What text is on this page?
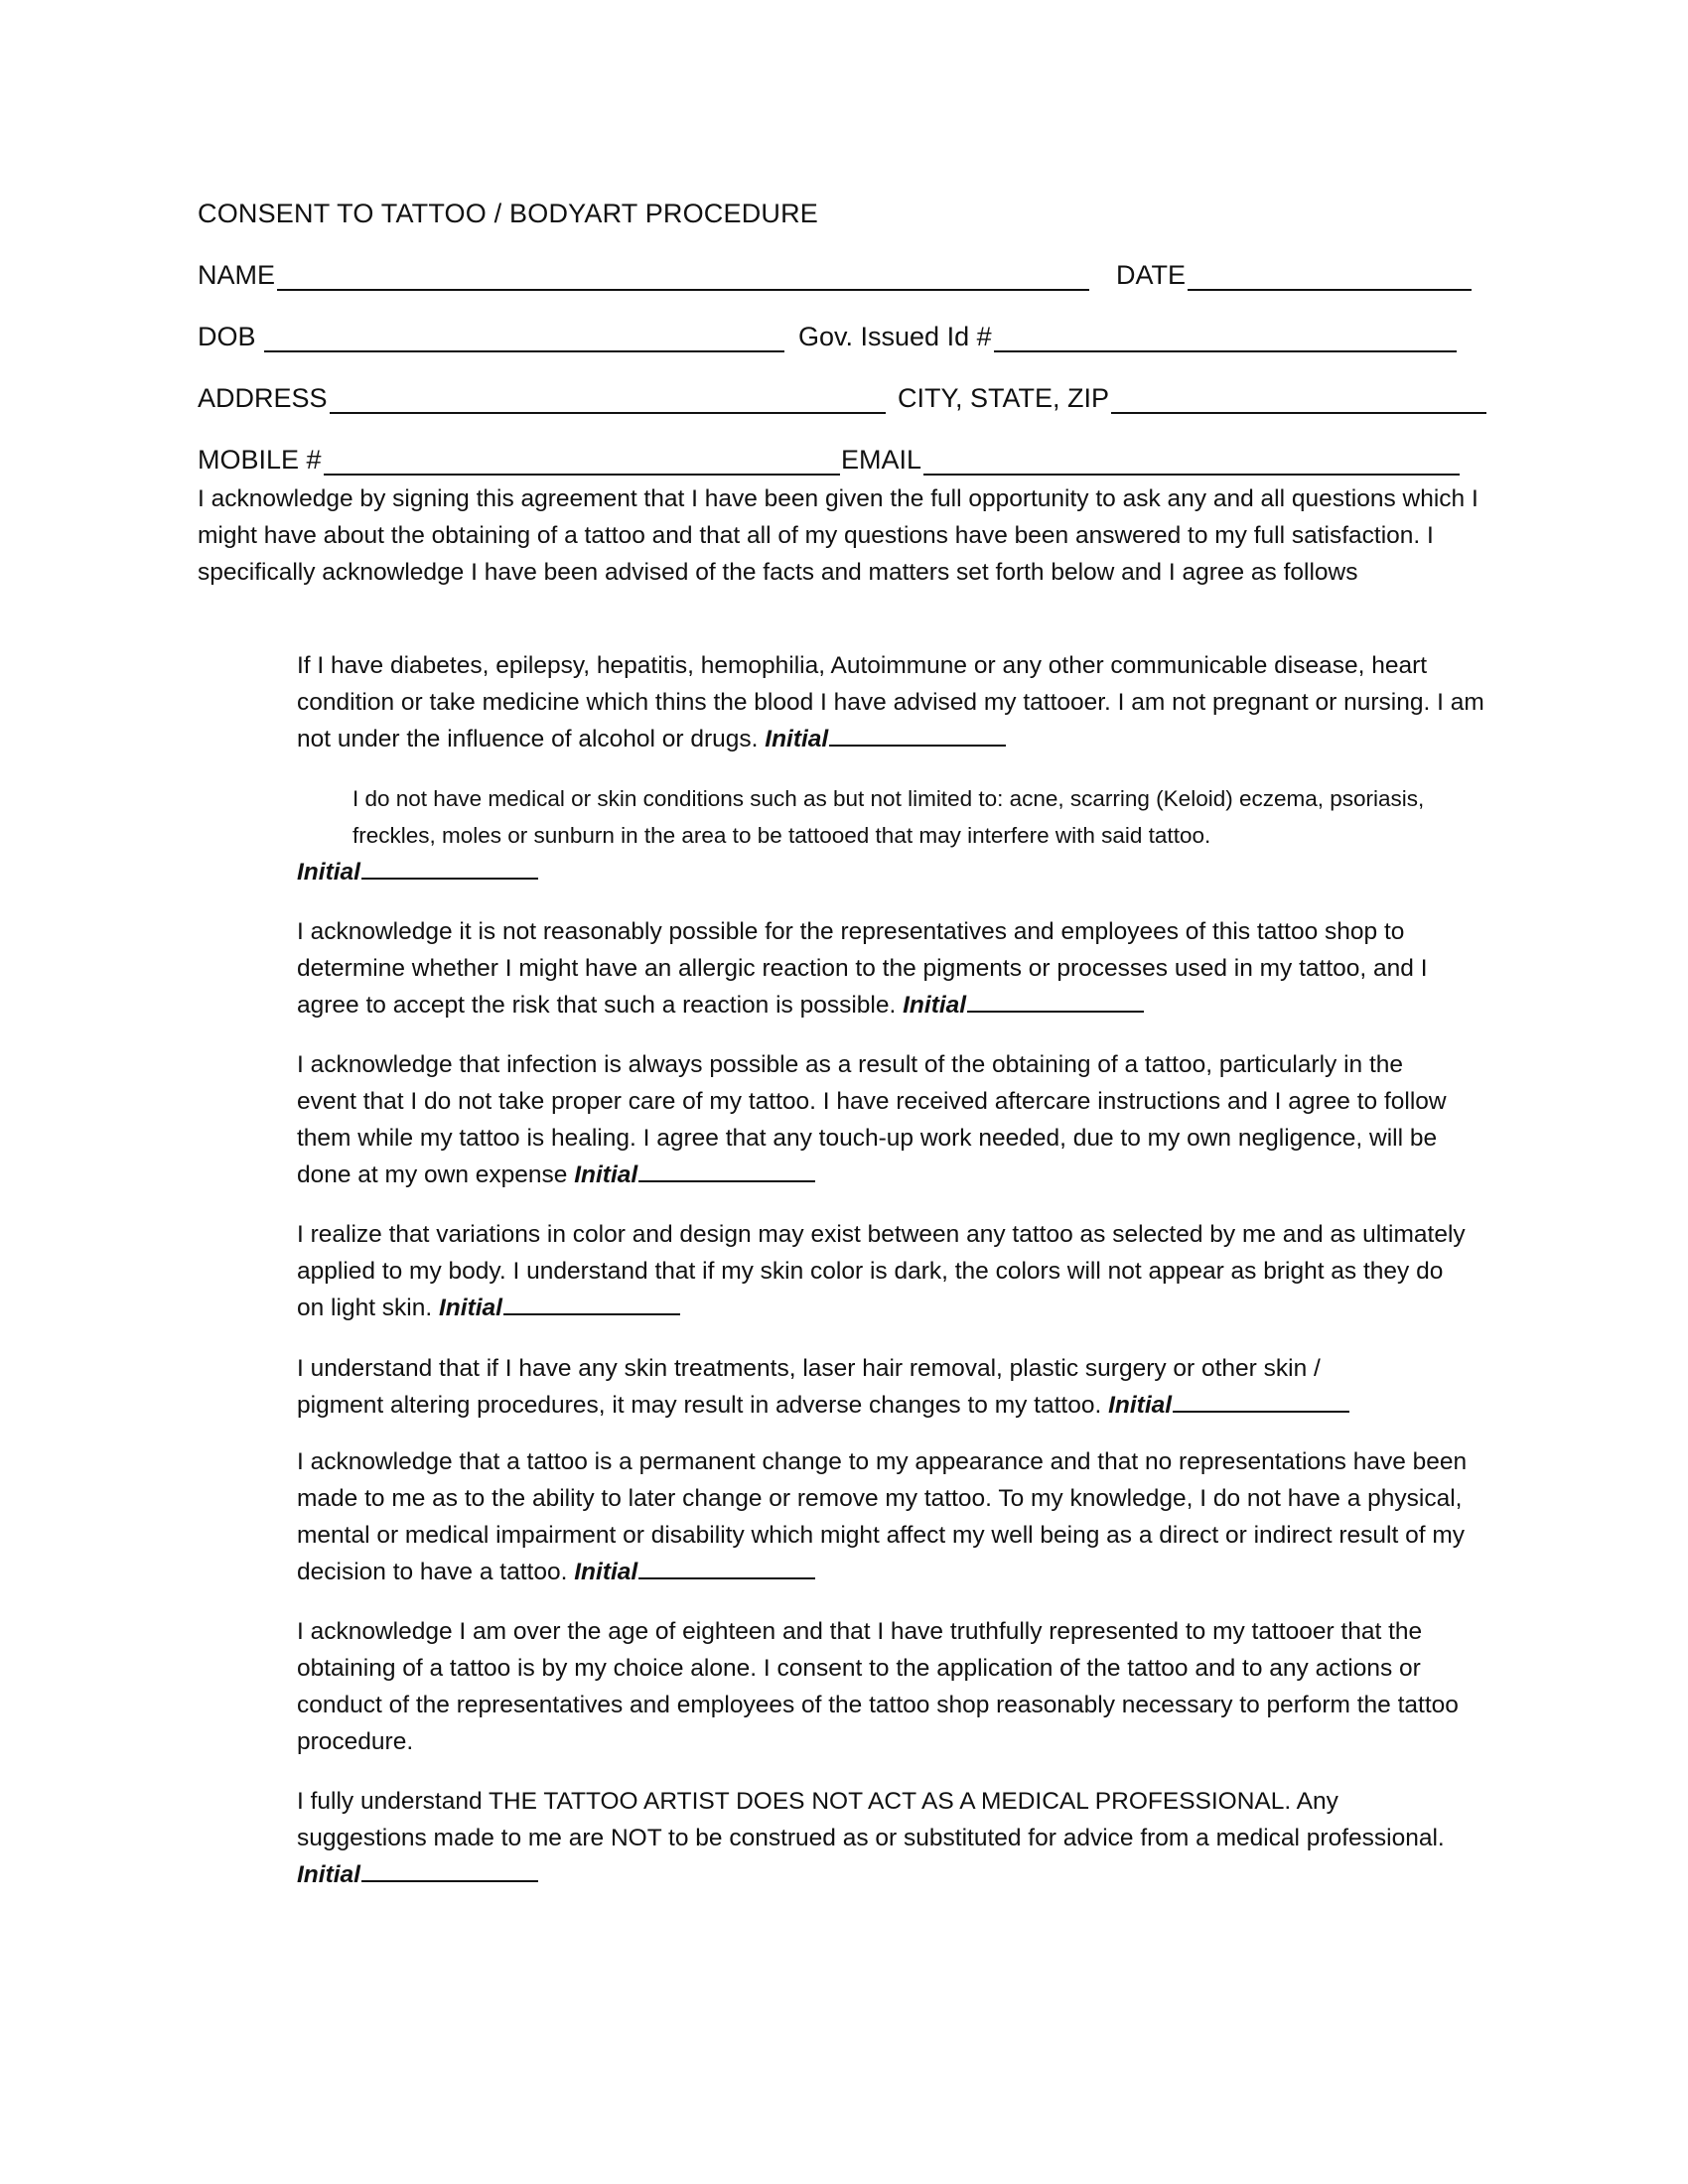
CONSENT TO TATTOO / BODYART PROCEDURE
NAME	DATE
DOB	Gov. Issued Id #
ADDRESS	CITY, STATE, ZIP
MOBILE #	EMAIL
I acknowledge by signing this agreement that I have been given the full opportunity to ask any and all questions which I might have about the obtaining of a tattoo and that all of my questions have been answered to my full satisfaction. I specifically acknowledge I have been advised of the facts and matters set forth below and I agree as follows
If I have diabetes, epilepsy, hepatitis, hemophilia, Autoimmune or any other communicable disease, heart condition or take medicine which thins the blood I have advised my tattooer. I am not pregnant or nursing. I am not under the influence of alcohol or drugs. Initial
I do not have medical or skin conditions such as but not limited to: acne, scarring (Keloid) eczema, psoriasis, freckles, moles or sunburn in the area to be tattooed that may interfere with said tattoo.
Initial
I acknowledge it is not reasonably possible for the representatives and employees of this tattoo shop to determine whether I might have an allergic reaction to the pigments or processes used in my tattoo, and I agree to accept the risk that such a reaction is possible. Initial
I acknowledge that infection is always possible as a result of the obtaining of a tattoo, particularly in the event that I do not take proper care of my tattoo. I have received aftercare instructions and I agree to follow them while my tattoo is healing. I agree that any touch-up work needed, due to my own negligence, will be done at my own expense Initial
I realize that variations in color and design may exist between any tattoo as selected by me and as ultimately applied to my body. I understand that if my skin color is dark, the colors will not appear as bright as they do on light skin. Initial
I understand that if I have any skin treatments, laser hair removal, plastic surgery or other skin / pigment altering procedures, it may result in adverse changes to my tattoo. Initial
I acknowledge that a tattoo is a permanent change to my appearance and that no representations have been made to me as to the ability to later change or remove my tattoo. To my knowledge, I do not have a physical, mental or medical impairment or disability which might affect my well being as a direct or indirect result of my decision to have a tattoo. Initial
I acknowledge I am over the age of eighteen and that I have truthfully represented to my tattooer that the obtaining of a tattoo is by my choice alone. I consent to the application of the tattoo and to any actions or conduct of the representatives and employees of the tattoo shop reasonably necessary to perform the tattoo procedure.
I fully understand THE TATTOO ARTIST DOES NOT ACT AS A MEDICAL PROFESSIONAL. Any suggestions made to me are NOT to be construed as or substituted for advice from a medical professional. Initial
